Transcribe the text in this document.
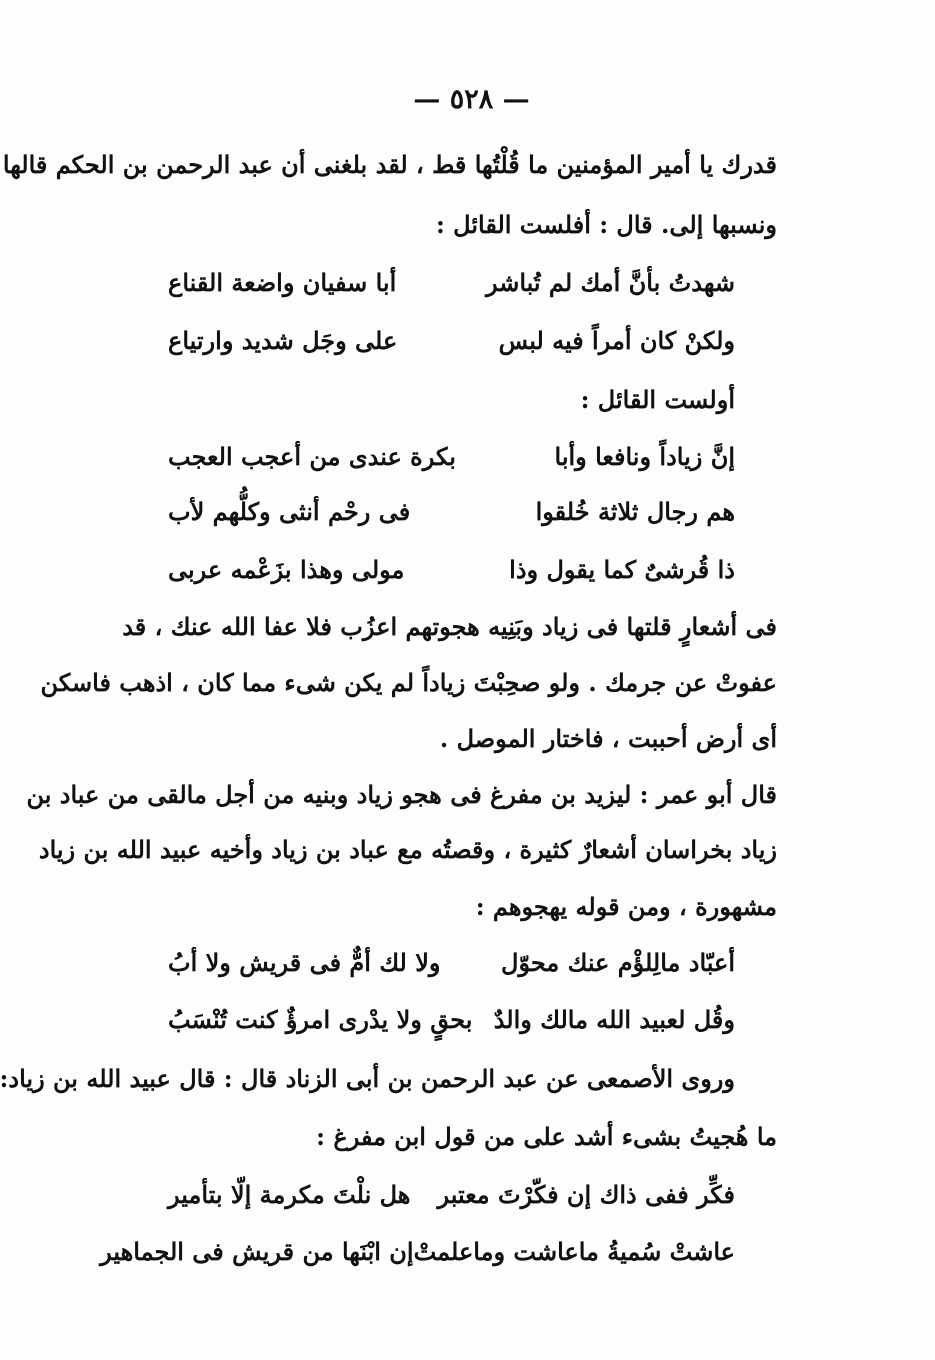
— ٥٢٨ —
قدرك يا أمير المؤمنين ما قُلْتُها قط ، لقد بلغنى أن عبد الرحمن بن الحكم قالها
ونسبها إلى. قال : أفلست القائل :
شهدتُ بأنَّ أمك لم تُباشر
أبا سفيان واضعة القناع
ولكنْ كان أمراً فيه لبس
على وجَل شديد وارتياع
أولست القائل :
إنَّ زياداً ونافعا وأبا
بكرة عندى من أعجب العجب
هم رجال ثلاثة خُلقوا
فى رحْم أنثى وكلُّهم لأب
ذا قُرشىٌ كما يقول وذا
مولى وهذا بزَعْمه عربى
فى أشعارٍ قلتها فى زياد وبَنِيه هجوتهم اعزُب فلا عفا الله عنك ، قد
عفوتْ عن جرمك . ولو صحِبْتَ زياداً لم يكن شىء مما كان ، اذهب فاسكن
أى أرض أحببت ، فاختار الموصل .
قال أبو عمر : ليزيد بن مفرغ فى هجو زياد وبنيه من أجل مالقى من عباد بن
زياد بخراسان أشعارٌ كثيرة ، وقصتُه مع عباد بن زياد وأخيه عبيد الله بن زياد
مشهورة ، ومن قوله يهجوهم :
أعبّاد مالِلؤْم عنك محوّل
ولا لك أمٌّ فى قريش ولا أبُ
وقُل لعبيد الله مالك والدٌ
بحقٍ ولا يدْرى امرؤٌ كنت تُنْسَبُ
وروى الأصمعى عن عبد الرحمن بن أبى الزناد قال : قال عبيد الله بن زياد:
ما هُجيتُ بشىء أشد على من قول ابن مفرغ :
فكِّر ففى ذاك إن فكّرْتَ معتبر
هل نلْتَ مكرمة إلّا بتأمير
عاشتْ سُميةُ ماعاشت وماعلمتْ
إن ابْنَها من قريش فى الجماهير
